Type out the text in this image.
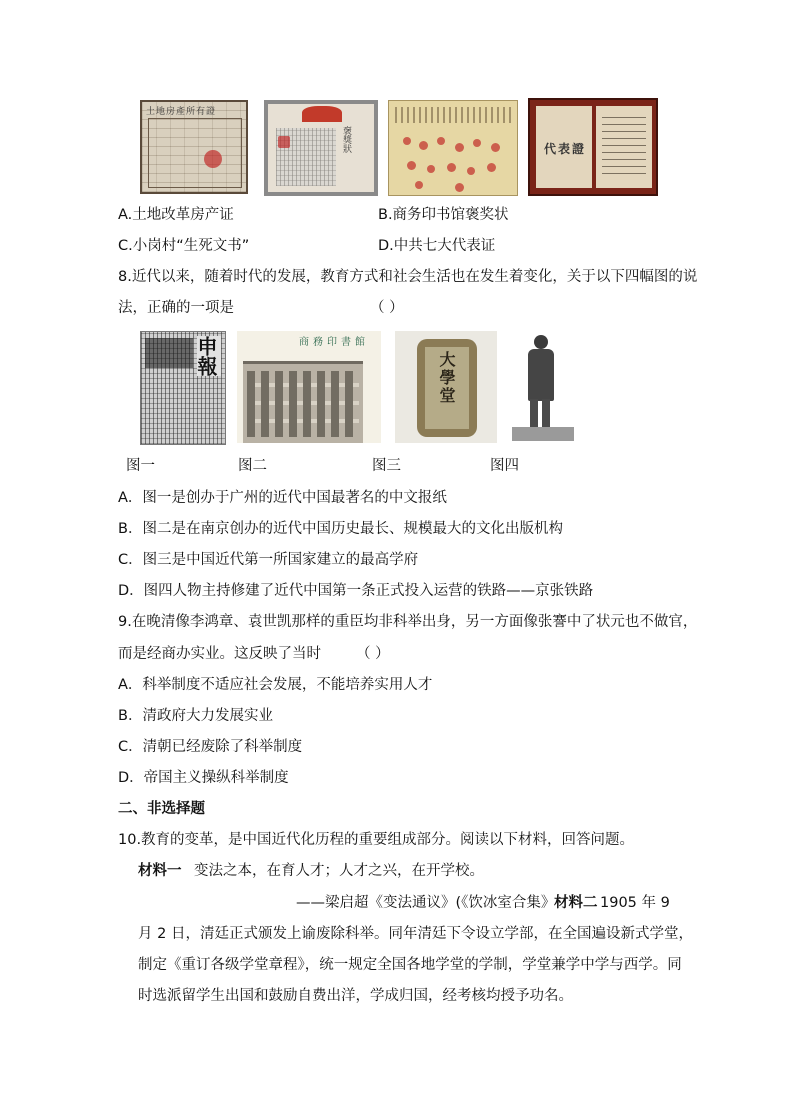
土地房產所有證
褒獎狀	代表證
A.土地改革房产证	B.商务印书馆褒奖状
C.小岗村“生死文书”	D.中共七大代表证
8.近代以来，随着时代的发展，教育方式和社会生活也在发生着变化，关于以下四幅图的说
法，正确的一项是	（ ）
申報	商務印書館
大學堂
图一	图二	图三	图四
A．图一是创办于广州的近代中国最著名的中文报纸
B．图二是在南京创办的近代中国历史最长、规模最大的文化出版机构
C．图三是中国近代第一所国家建立的最高学府
D．图四人物主持修建了近代中国第一条正式投入运营的铁路——京张铁路
9.在晚清像李鸿章、袁世凯那样的重臣均非科举出身，另一方面像张謇中了状元也不做官，
而是经商办实业。这反映了当时 （ ）
A．科举制度不适应社会发展，不能培养实用人才
B．清政府大力发展实业
C．清朝已经废除了科举制度
D．帝国主义操纵科举制度
二、非选择题
10.教育的变革，是中国近代化历程的重要组成部分。阅读以下材料，回答问题。
材料一 变法之本，在育人才；人才之兴，在开学校。
——梁启超《变法通议》(《饮冰室合集》
材料二 1905 年 9
月 2 日，清廷正式颁发上谕废除科举。同年清廷下令设立学部，在全国遍设新式学堂，
制定《重订各级学堂章程》，统一规定全国各地学堂的学制，学堂兼学中学与西学。同
时选派留学生出国和鼓励自费出洋，学成归国，经考核均授予功名。
